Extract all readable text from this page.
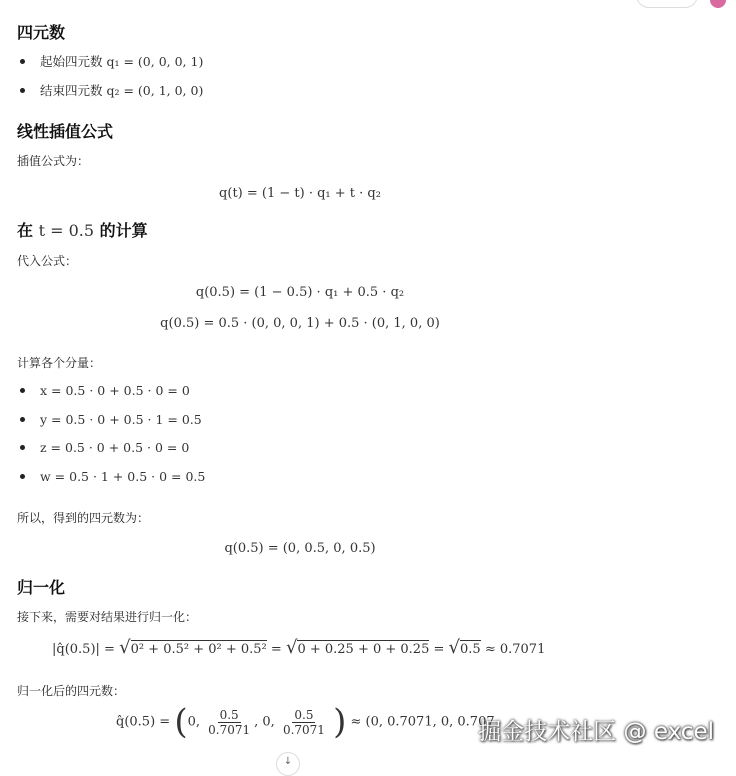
四元数
起始四元数 q₁ = (0, 0, 0, 1)
结束四元数 q₂ = (0, 1, 0, 0)
线性插值公式
插值公式为：
q(t) = (1 − t) · q₁ + t · q₂
在 t = 0.5 的计算
代入公式：
q(0.5) = (1 − 0.5) · q₁ + 0.5 · q₂
q(0.5) = 0.5 · (0, 0, 0, 1) + 0.5 · (0, 1, 0, 0)
计算各个分量：
x = 0.5 · 0 + 0.5 · 0 = 0
y = 0.5 · 0 + 0.5 · 1 = 0.5
z = 0.5 · 0 + 0.5 · 0 = 0
w = 0.5 · 1 + 0.5 · 0 = 0.5
所以，得到的四元数为：
q(0.5) = (0, 0.5, 0, 0.5)
归一化
接下来，需要对结果进行归一化：
|q̂(0.5)| = √ 0² + 0.5² + 0² + 0.5² = √ 0 + 0.25 + 0 + 0.25 = √ 0.5 ≈ 0.7071
归一化后的四元数：
q̂(0.5) = (0, $\frac{0.5}{0.7071}$ , 0, $\frac{0.5}{0.7071}$ ) ≈ (0, 0.7071, 0, 0.707
↓
掘金技术社区 @ excel
